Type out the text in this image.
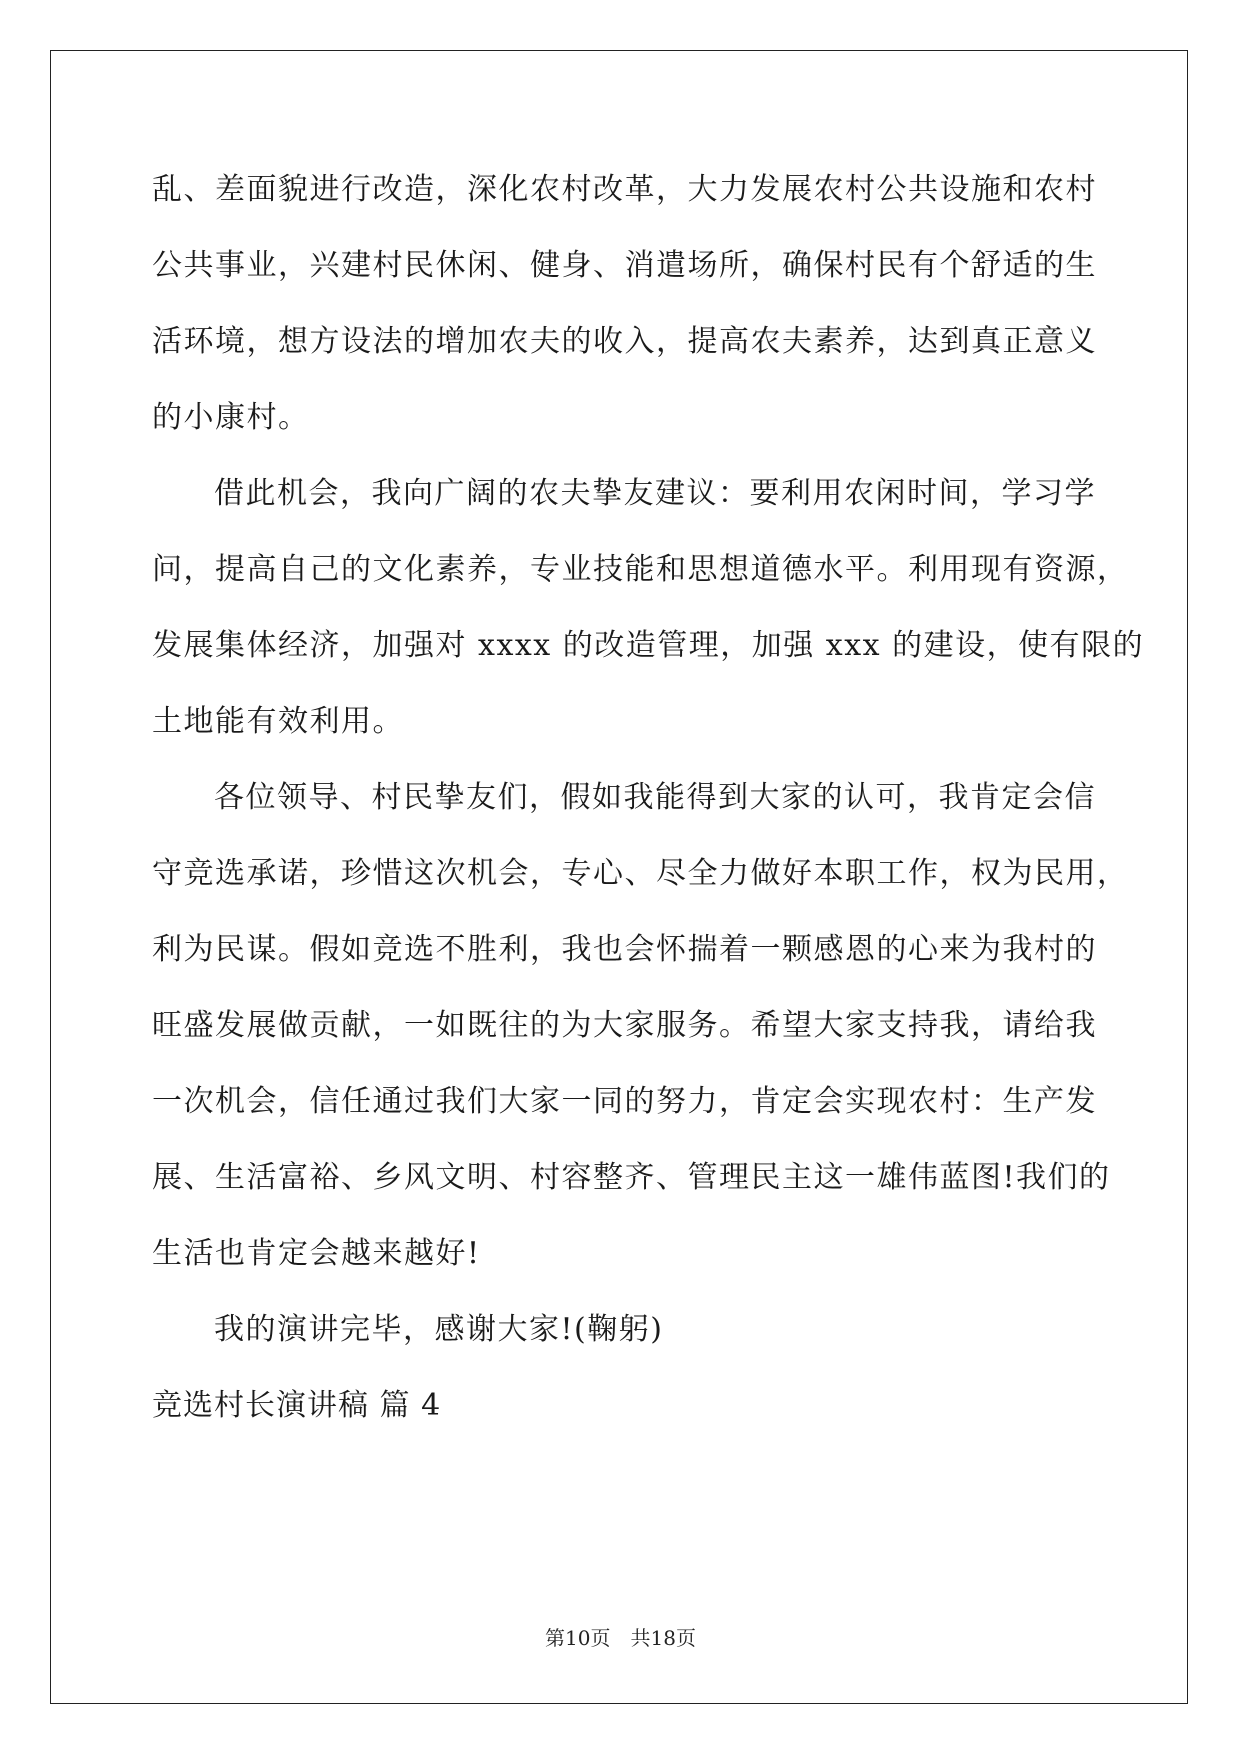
乱、差面貌进行改造，深化农村改革，大力发展农村公共设施和农村
公共事业，兴建村民休闲、健身、消遣场所，确保村民有个舒适的生
活环境，想方设法的增加农夫的收入，提高农夫素养，达到真正意义
的小康村。
借此机会，我向广阔的农夫挚友建议：要利用农闲时间，学习学
问，提高自己的文化素养，专业技能和思想道德水平。利用现有资源，
发展集体经济，加强对 xxxx 的改造管理，加强 xxx 的建设，使有限的
土地能有效利用。
各位领导、村民挚友们，假如我能得到大家的认可，我肯定会信
守竞选承诺，珍惜这次机会，专心、尽全力做好本职工作，权为民用，
利为民谋。假如竞选不胜利，我也会怀揣着一颗感恩的心来为我村的
旺盛发展做贡献，一如既往的为大家服务。希望大家支持我，请给我
一次机会，信任通过我们大家一同的努力，肯定会实现农村：生产发
展、生活富裕、乡风文明、村容整齐、管理民主这一雄伟蓝图!我们的
生活也肯定会越来越好!
我的演讲完毕，感谢大家!(鞠躬)
竞选村长演讲稿 篇 4
第10页 共18页
